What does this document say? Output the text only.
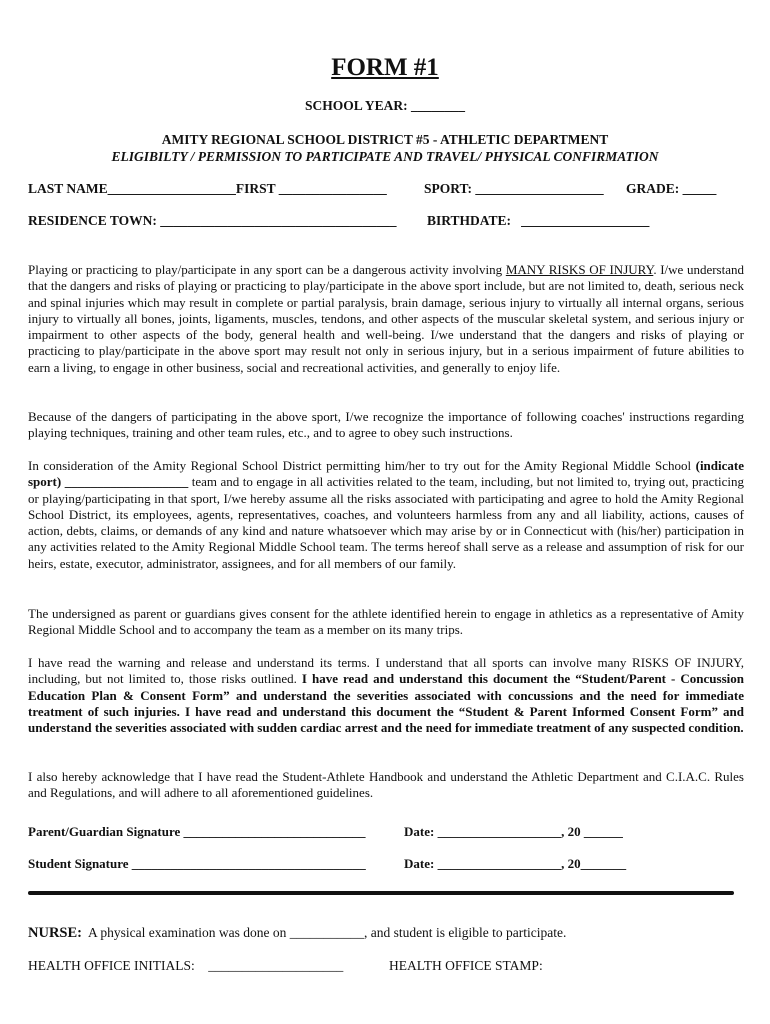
FORM #1
SCHOOL YEAR: ________
AMITY REGIONAL SCHOOL DISTRICT #5 - ATHLETIC DEPARTMENT
ELIGIBILTY / PERMISSION TO PARTICIPATE AND TRAVEL/ PHYSICAL CONFIRMATION
LAST NAME___________________FIRST ________________	SPORT: ___________________ GRADE: _____
RESIDENCE TOWN: ___________________________________ BIRTHDATE:   ___________________

Playing or practicing to play/participate in any sport can be a dangerous activity involving MANY RISKS OF INJURY. I/we understand that the dangers and risks of playing or practicing to play/participate in the above sport include, but are not limited to, death, serious neck and spinal injuries which may result in complete or partial paralysis, brain damage, serious injury to virtually all internal organs, serious injury to virtually all bones, joints, ligaments, muscles, tendons, and other aspects of the muscular skeletal system, and serious injury or impairment to other aspects of the body, general health and well-being. I/we understand that the dangers and risks of playing or practicing to play/participate in the above sport may result not only in serious injury, but in a serious impairment of future abilities to earn a living, to engage in other business, social and recreational activities, and generally to enjoy life.

Because of the dangers of participating in the above sport, I/we recognize the importance of following coaches' instructions regarding playing techniques, training and other team rules, etc., and to agree to obey such instructions.

In consideration of the Amity Regional School District permitting him/her to try out for the Amity Regional Middle School (indicate sport) ___________________ team and to engage in all activities related to the team, including, but not limited to, trying out, practicing or playing/participating in that sport, I/we hereby assume all the risks associated with participating and agree to hold the Amity Regional School District, its employees, agents, representatives, coaches, and volunteers harmless from any and all liability, actions, causes of action, debts, claims, or demands of any kind and nature whatsoever which may arise by or in Connecticut with (his/her) participation in any activities related to the Amity Regional Middle School team. The terms hereof shall serve as a release and assumption of risk for our heirs, estate, executor, administrator, assignees, and for all members of our family.

The undersigned as parent or guardians gives consent for the athlete identified herein to engage in athletics as a representative of Amity Regional Middle School and to accompany the team as a member on its many trips.

I have read the warning and release and understand its terms. I understand that all sports can involve many RISKS OF INJURY, including, but not limited to, those risks outlined. I have read and understand this document the “Student/Parent - Concussion Education Plan & Consent Form” and understand the severities associated with concussions and the need for immediate treatment of such injuries. I have read and understand this document the “Student & Parent Informed Consent Form” and understand the severities associated with sudden cardiac arrest and the need for immediate treatment of any suspected condition.

I also hereby acknowledge that I have read the Student-Athlete Handbook and understand the Athletic Department and C.I.A.C. Rules and Regulations, and will adhere to all aforementioned guidelines.

Parent/Guardian Signature ____________________________	Date: ___________________, 20 ______
Student Signature ____________________________________	Date: ___________________, 20_______
NURSE:  A physical examination was done on ___________, and student is eligible to participate.
HEALTH OFFICE INITIALS:    ____________________	HEALTH OFFICE STAMP:
